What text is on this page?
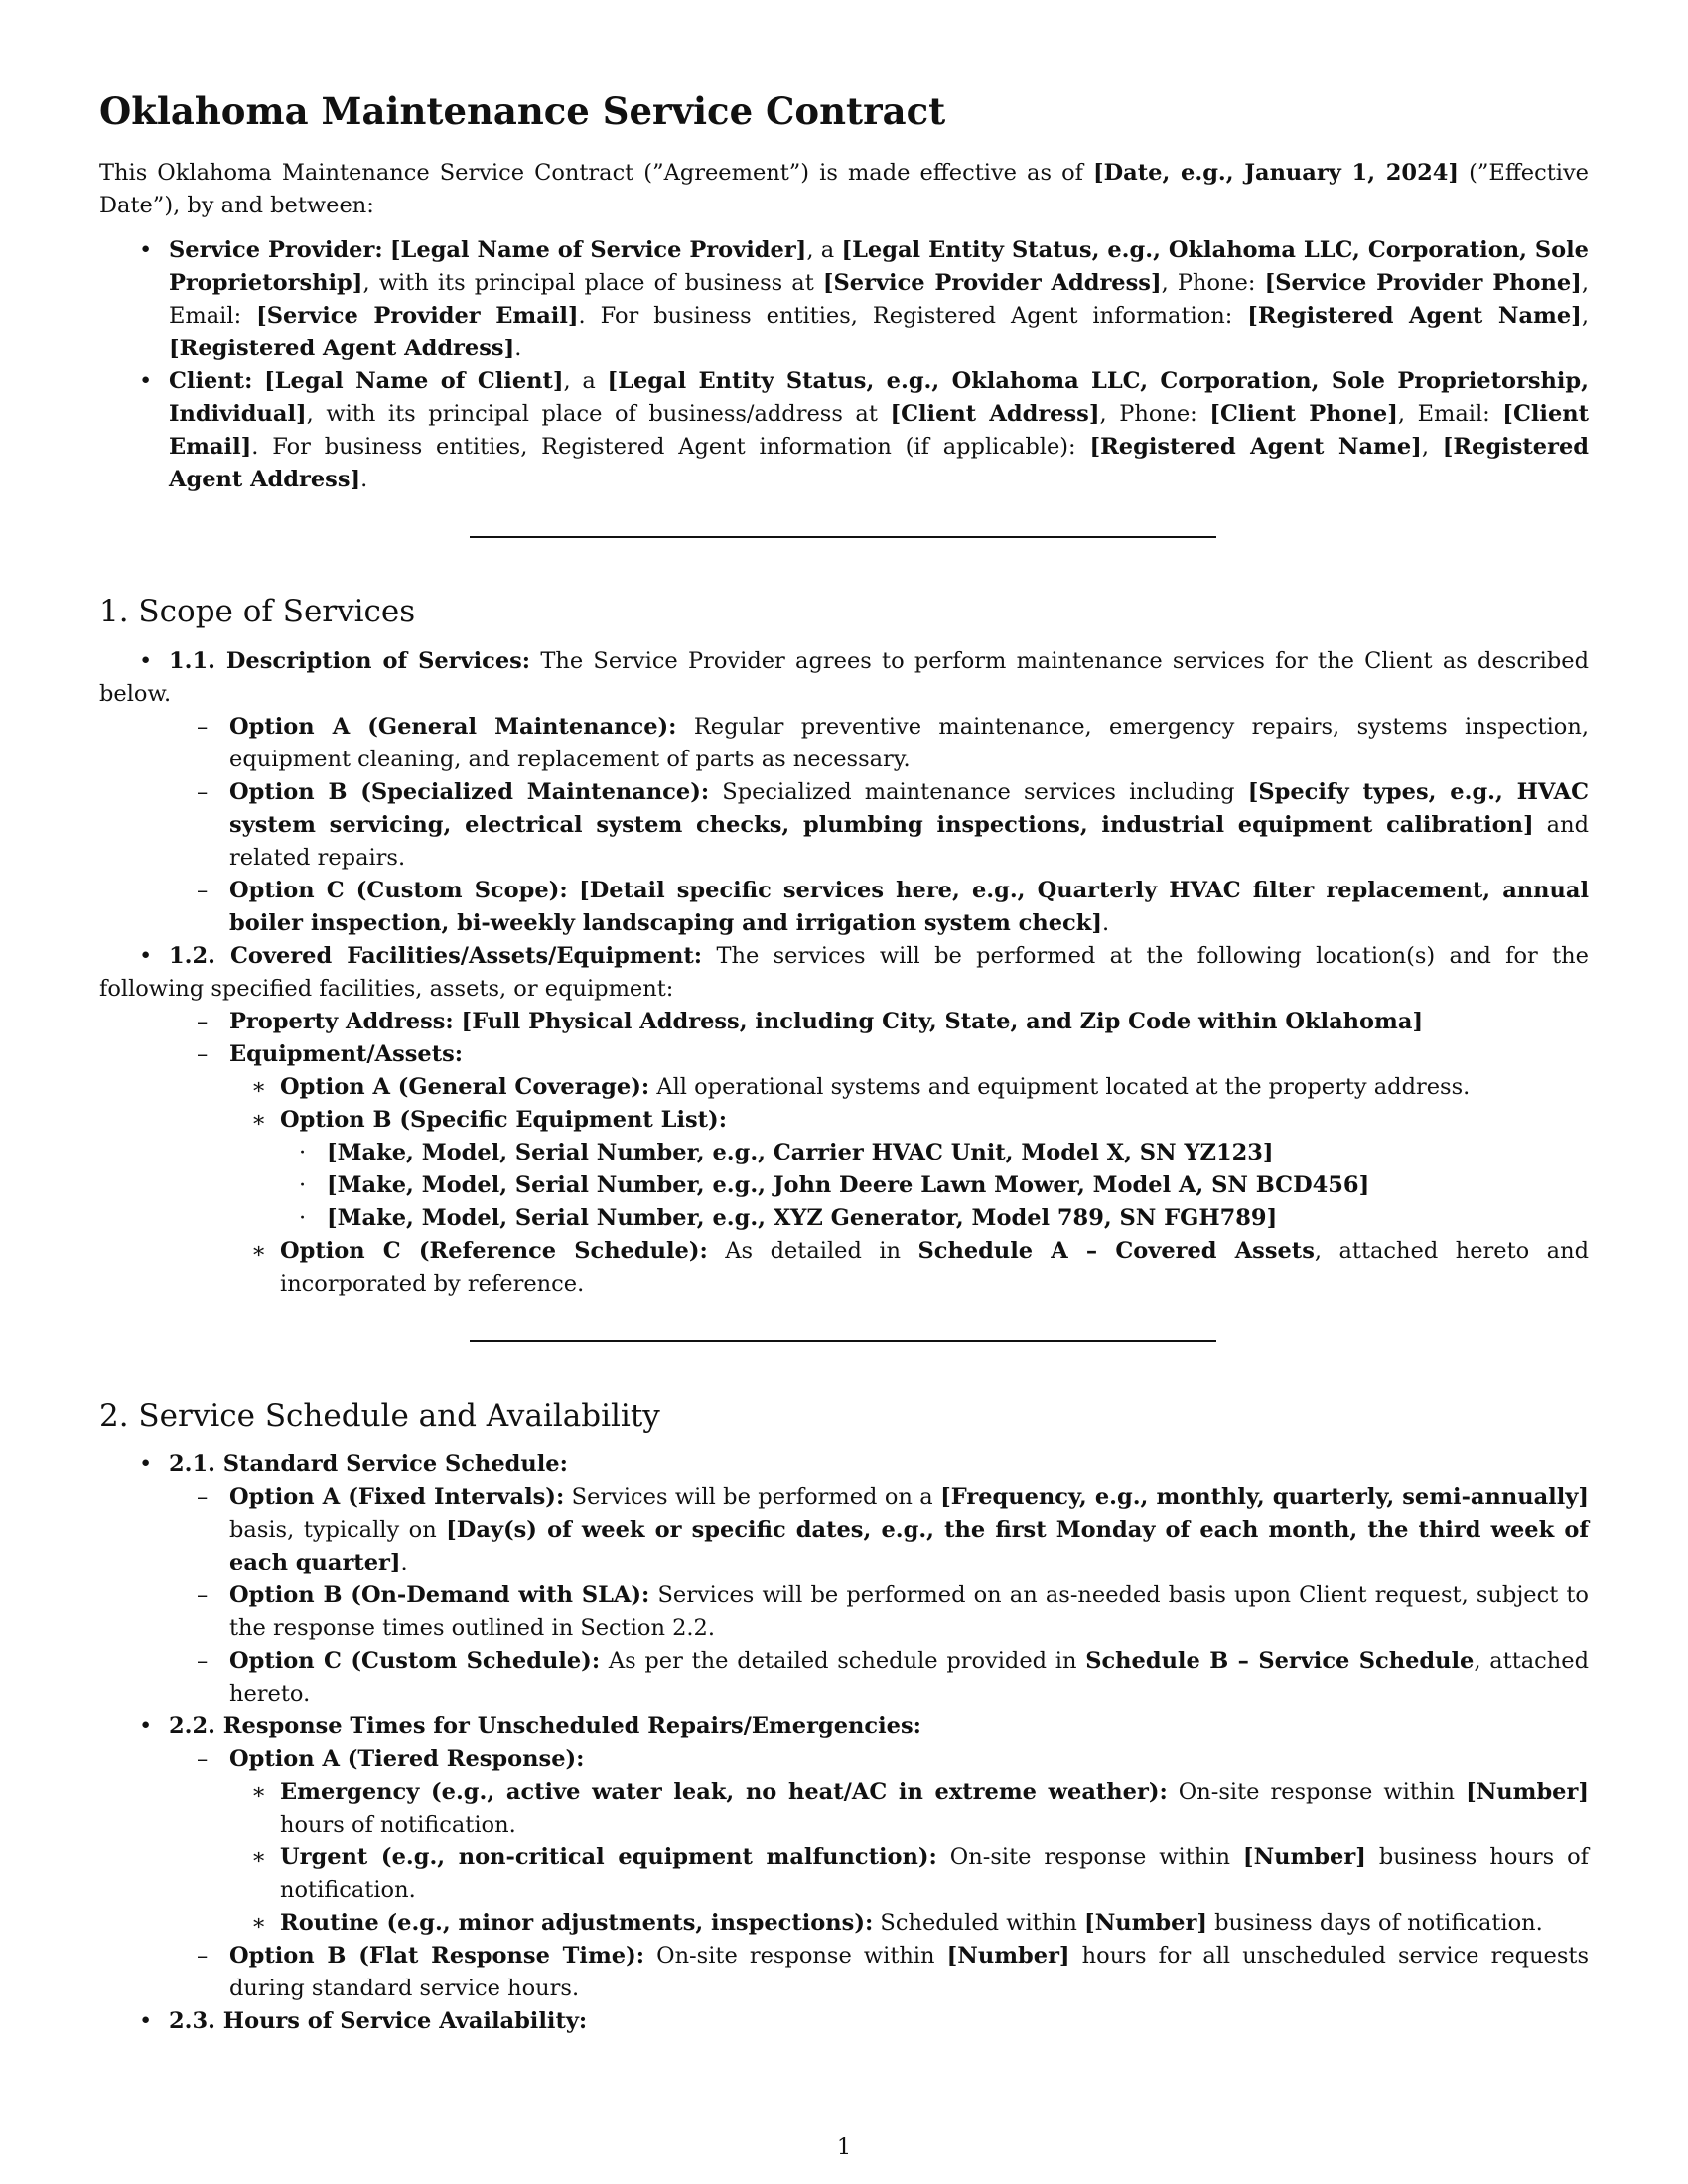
Oklahoma Maintenance Service Contract

This Oklahoma Maintenance Service Contract (”Agreement”) is made effective as of [Date, e.g., January 1, 2024] (”Effective Date”), by and between:

• Service Provider: [Legal Name of Service Provider], a [Legal Entity Status, e.g., Oklahoma LLC, Corporation, Sole Proprietorship], with its principal place of business at [Service Provider Address], Phone: [Service Provider Phone], Email: [Service Provider Email]. For business entities, Registered Agent information: [Registered Agent Name], [Registered Agent Address].
• Client: [Legal Name of Client], a [Legal Entity Status, e.g., Oklahoma LLC, Corporation, Sole Proprietorship, Individual], with its principal place of business/address at [Client Address], Phone: [Client Phone], Email: [Client Email]. For business entities, Registered Agent information (if applicable): [Registered Agent Name], [Registered Agent Address].
1. Scope of Services
• 1.1. Description of Services: The Service Provider agrees to perform maintenance services for the Client as described below.
– Option A (General Maintenance): Regular preventive maintenance, emergency repairs, systems inspection, equipment cleaning, and replacement of parts as necessary.
– Option B (Specialized Maintenance): Specialized maintenance services including [Specify types, e.g., HVAC system servicing, electrical system checks, plumbing inspections, industrial equipment calibration] and related repairs.
– Option C (Custom Scope): [Detail specific services here, e.g., Quarterly HVAC filter replacement, annual boiler inspection, bi-weekly landscaping and irrigation system check].
• 1.2. Covered Facilities/Assets/Equipment: The services will be performed at the following location(s) and for the following specified facilities, assets, or equipment:
– Property Address: [Full Physical Address, including City, State, and Zip Code within Oklahoma]
– Equipment/Assets:
∗ Option A (General Coverage): All operational systems and equipment located at the property address.
∗ Option B (Specific Equipment List):
· [Make, Model, Serial Number, e.g., Carrier HVAC Unit, Model X, SN YZ123]
· [Make, Model, Serial Number, e.g., John Deere Lawn Mower, Model A, SN BCD456]
· [Make, Model, Serial Number, e.g., XYZ Generator, Model 789, SN FGH789]
∗ Option C (Reference Schedule): As detailed in Schedule A – Covered Assets, attached hereto and incorporated by reference.
2. Service Schedule and Availability
• 2.1. Standard Service Schedule:
– Option A (Fixed Intervals): Services will be performed on a [Frequency, e.g., monthly, quarterly, semi-annually] basis, typically on [Day(s) of week or specific dates, e.g., the first Monday of each month, the third week of each quarter].
– Option B (On-Demand with SLA): Services will be performed on an as-needed basis upon Client request, subject to the response times outlined in Section 2.2.
– Option C (Custom Schedule): As per the detailed schedule provided in Schedule B – Service Schedule, attached hereto.
• 2.2. Response Times for Unscheduled Repairs/Emergencies:
– Option A (Tiered Response):
∗ Emergency (e.g., active water leak, no heat/AC in extreme weather): On-site response within [Number] hours of notification.
∗ Urgent (e.g., non-critical equipment malfunction): On-site response within [Number] business hours of notification.
∗ Routine (e.g., minor adjustments, inspections): Scheduled within [Number] business days of notification.
– Option B (Flat Response Time): On-site response within [Number] hours for all unscheduled service requests during standard service hours.
• 2.3. Hours of Service Availability:
1
